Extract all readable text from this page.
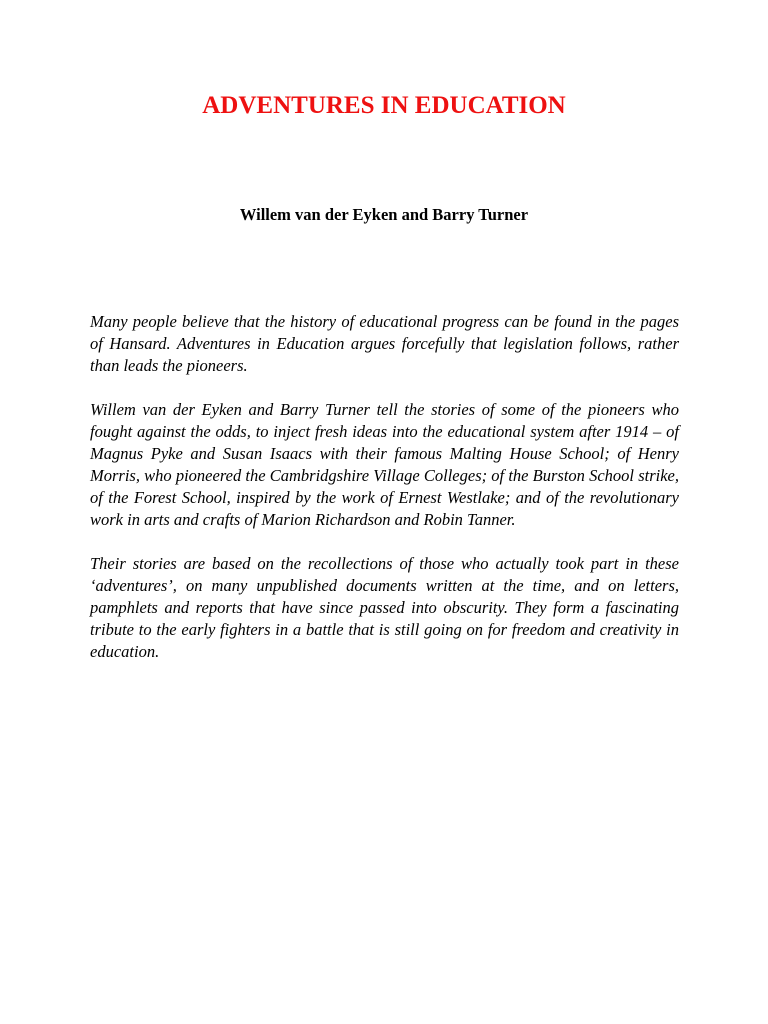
ADVENTURES IN EDUCATION
Willem van der Eyken and Barry Turner

Many people believe that the history of educational progress can be found in the pages of Hansard. Adventures in Education argues forcefully that legislation follows, rather than leads the pioneers.

Willem van der Eyken and Barry Turner tell the stories of some of the pioneers who fought against the odds, to inject fresh ideas into the educational system after 1914 – of Magnus Pyke and Susan Isaacs with their famous Malting House School; of Henry Morris, who pioneered the Cambridgshire Village Colleges; of the Burston School strike, of the Forest School, inspired by the work of Ernest Westlake; and of the revolutionary work in arts and crafts of Marion Richardson and Robin Tanner.

Their stories are based on the recollections of those who actually took part in these ‘adventures’, on many unpublished documents written at the time, and on letters, pamphlets and reports that have since passed into obscurity. They form a fascinating tribute to the early fighters in a battle that is still going on for freedom and creativity in education.
